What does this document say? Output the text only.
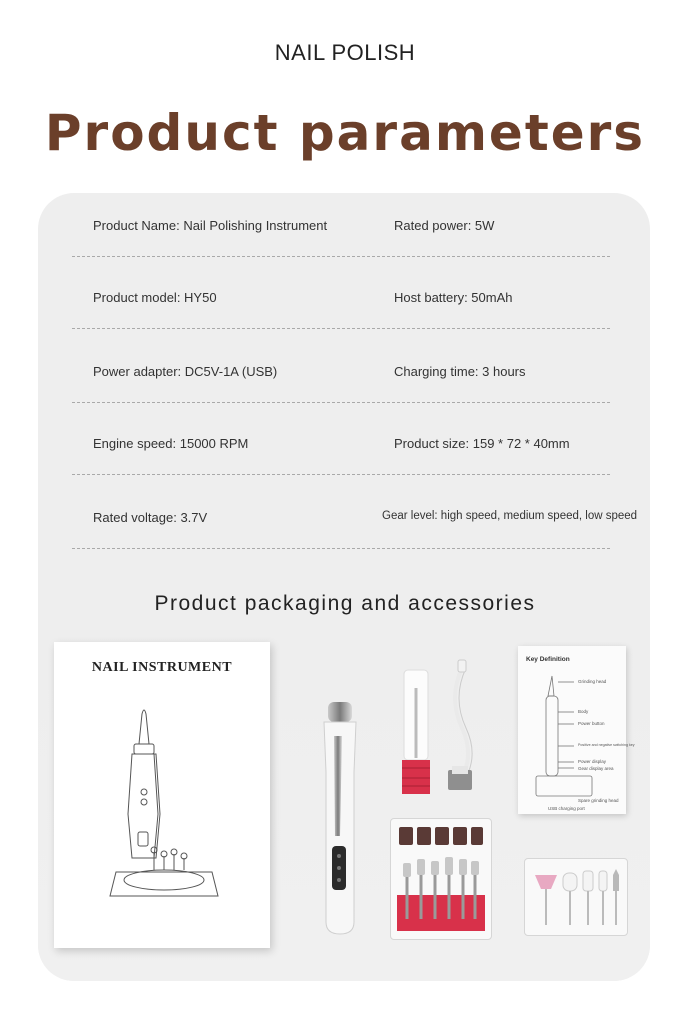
NAIL POLISH
Product parameters
Product Name: Nail Polishing Instrument	Rated power: 5W
Product model: HY50	Host battery: 50mAh
Power adapter: DC5V-1A (USB)	Charging time: 3 hours
Engine speed: 15000 RPM	Product size: 159 * 72 * 40mm
Rated voltage: 3.7V	Gear level: high speed, medium speed, low speed
Product packaging and accessories
NAIL INSTRUMENT
Key Definition
Grinding head
Body
Power button
Positive and negative switching key
Power display
Gear display area
Spare grinding head
USB charging port
